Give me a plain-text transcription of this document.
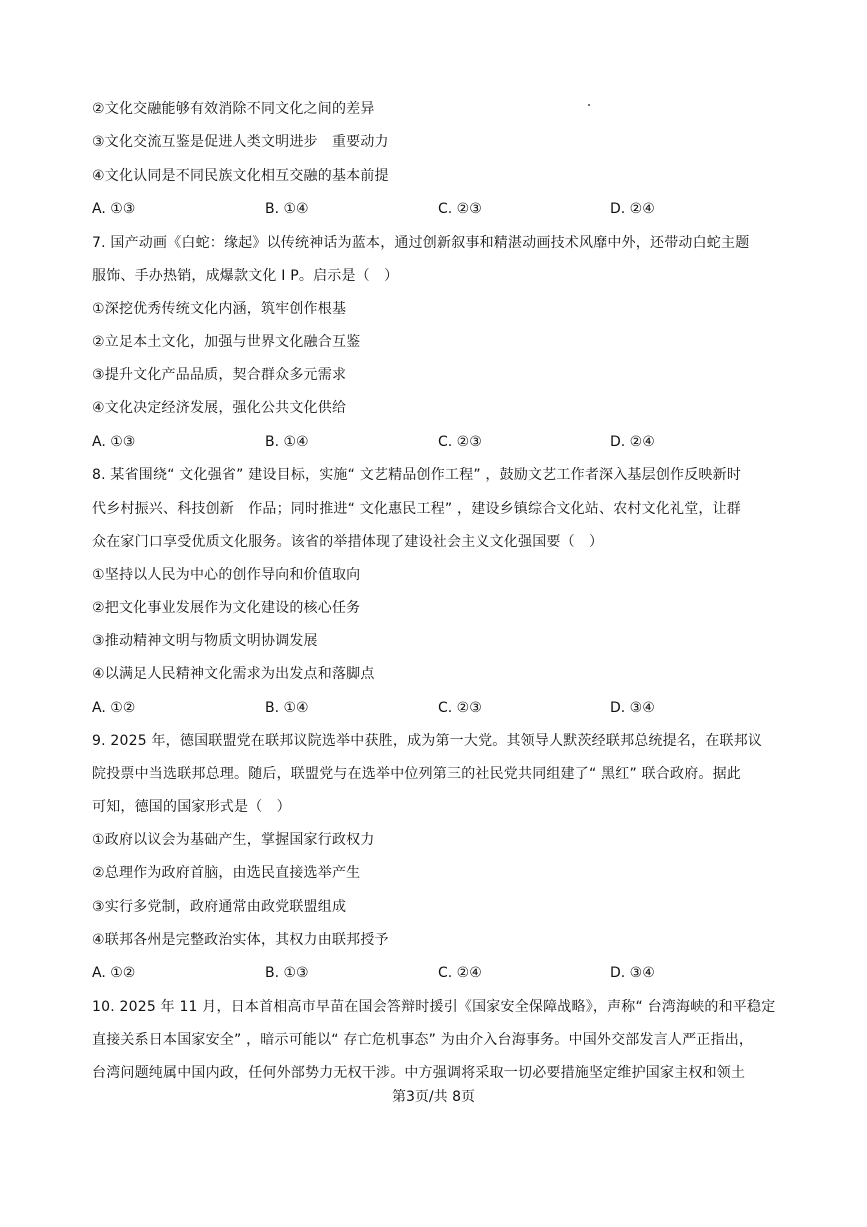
②文化交融能够有效消除不同文化之间的差异
③文化交流互鉴是促进人类文明进步　重要动力
④文化认同是不同民族文化相互交融的基本前提
A. ①③	B. ①④	C. ②③	D. ②④
7. 国产动画《白蛇：缘起》以传统神话为蓝本，通过创新叙事和精湛动画技术风靡中外，还带动白蛇主题
服饰、手办热销，成爆款文化 I P。启示是（　）
①深挖优秀传统文化内涵，筑牢创作根基
②立足本土文化，加强与世界文化融合互鉴
③提升文化产品品质，契合群众多元需求
④文化决定经济发展，强化公共文化供给
A. ①③	B. ①④	C. ②③	D. ②④
8. 某省围绕“ 文化强省” 建设目标，实施“ 文艺精品创作工程” ，鼓励文艺工作者深入基层创作反映新时
代乡村振兴、科技创新　作品；同时推进“ 文化惠民工程” ，建设乡镇综合文化站、农村文化礼堂，让群
众在家门口享受优质文化服务。该省的举措体现了建设社会主义文化强国要（　）
①坚持以人民为中心的创作导向和价值取向
②把文化事业发展作为文化建设的核心任务
③推动精神文明与物质文明协调发展
④以满足人民精神文化需求为出发点和落脚点
A. ①②	B. ①④	C. ②③	D. ③④
9. 2025 年，德国联盟党在联邦议院选举中获胜，成为第一大党。其领导人默茨经联邦总统提名，在联邦议
院投票中当选联邦总理。随后，联盟党与在选举中位列第三的社民党共同组建了“ 黑红” 联合政府。据此
可知，德国的国家形式是（　）
①政府以议会为基础产生，掌握国家行政权力
②总理作为政府首脑，由选民直接选举产生
③实行多党制，政府通常由政党联盟组成
④联邦各州是完整政治实体，其权力由联邦授予
A. ①②	B. ①③	C. ②④	D. ③④
10. 2025 年 11 月，日本首相高市早苗在国会答辩时援引《国家安全保障战略》，声称“ 台湾海峡的和平稳定
直接关系日本国家安全” ，暗示可能以“ 存亡危机事态” 为由介入台海事务。中国外交部发言人严正指出，
台湾问题纯属中国内政，任何外部势力无权干涉。中方强调将采取一切必要措施坚定维护国家主权和领土
第3页/共 8页
